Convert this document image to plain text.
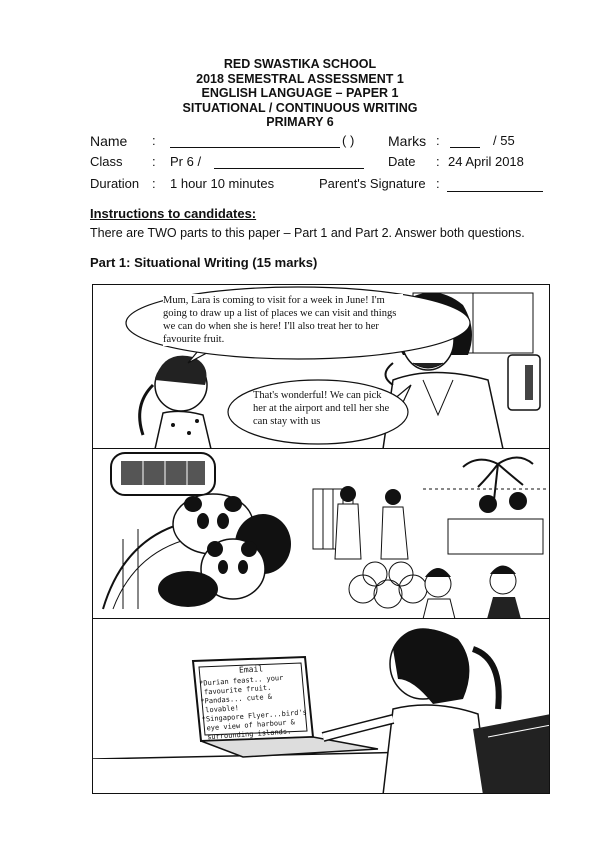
RED SWASTIKA SCHOOL
2018 SEMESTRAL ASSESSMENT 1
ENGLISH LANGUAGE – PAPER 1
SITUATIONAL / CONTINUOUS WRITING
PRIMARY 6
Name :	( ) Marks :	/ 55
Class : Pr 6 /	Date : 24 April 2018
Duration : 1 hour 10 minutes	Parent's Signature :
Instructions to candidates:
There are TWO parts to this paper – Part 1 and Part 2. Answer both questions.
Part 1: Situational Writing (15 marks)
Mum, Lara is coming to visit for a week in June! I'm going to draw up a list of places we can visit and things we can do when she is here! I'll also treat her to her favourite fruit.
That's wonderful! We can pick her at the airport and tell her she can stay with us
Email
*Durian feast.. your
favourite fruit.
*Pandas... cute &
lovable!
*Singapore Flyer...bird's
eye view of harbour &
surrounding islands.
